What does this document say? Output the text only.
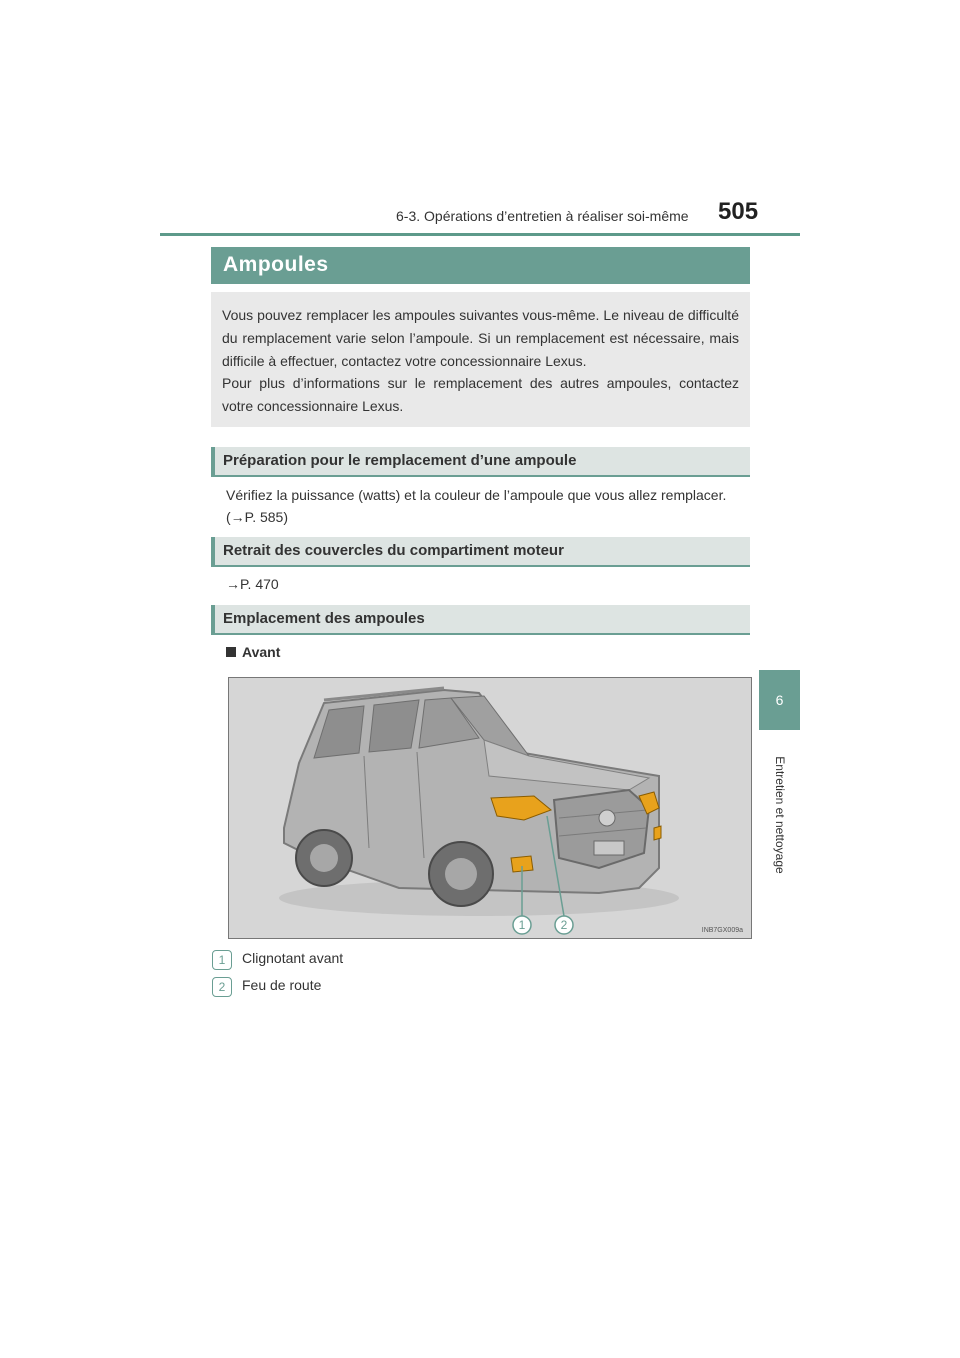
6-3. Opérations d’entretien à réaliser soi-même 505
6
Entretien et nettoyage
Ampoules

Vous pouvez remplacer les ampoules suivantes vous-même. Le niveau de difficulté du remplacement varie selon l’ampoule. Si un remplacement est nécessaire, mais difficile à effectuer, contactez votre concessionnaire Lexus.

Pour plus d’informations sur le remplacement des autres ampoules, contactez votre concessionnaire Lexus.

Préparation pour le remplacement d’une ampoule
Vérifiez la puissance (watts) et la couleur de l’ampoule que vous allez remplacer.
(→P. 585)
Retrait des couvercles du compartiment moteur
→P. 470
Emplacement des ampoules
Avant
1	2	INB7GX009a
1	Clignotant avant
2	Feu de route
